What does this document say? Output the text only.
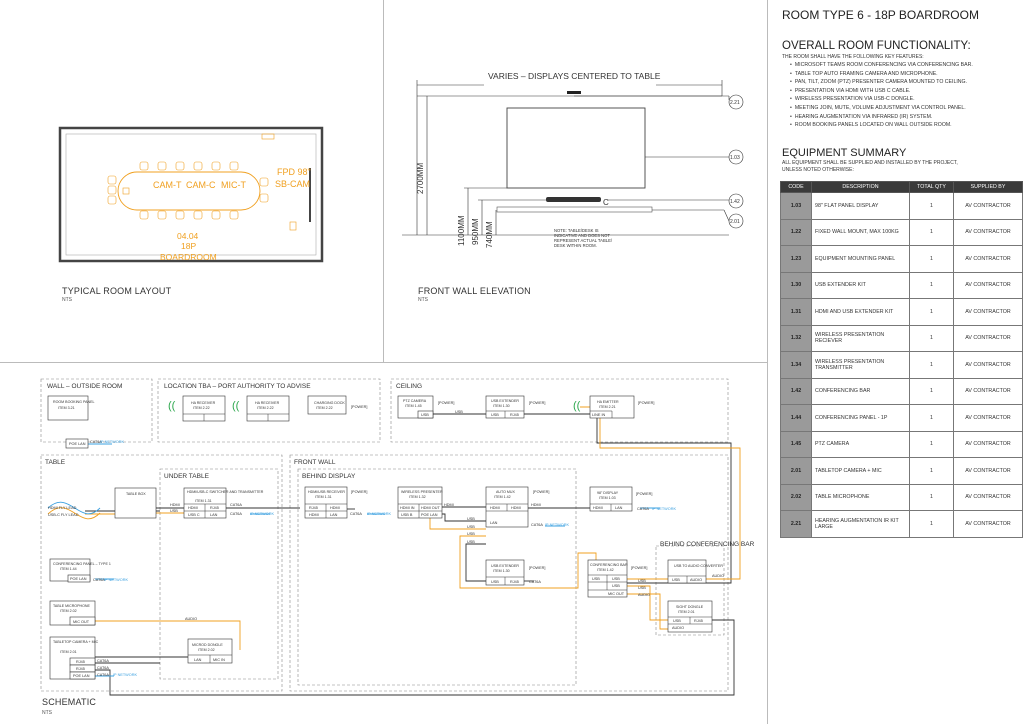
CAM-T CAM-C MIC-T
FPD 98"
SB-CAM
04.04
18P
BOARDROOM
TYPICAL ROOM LAYOUT
NTS
C
2.21
1.03
1.42
2.01
VARIES – DISPLAYS CENTERED TO TABLE
2700MM
1100MM 950MM 740MM	NOTE: TABLE/DESK IS
INDICATIVE AND DOES NOT
REPRESENT ACTUAL TABLE/
DESK WITHIN ROOM.
FRONT WALL ELEVATION
NTS
WALL – OUTSIDE ROOM	LOCATION TBA – PORT AUTHORITY TO ADVISE	CEILING
TABLE
UNDER TABLE
FRONT WALL
BEHIND DISPLAY
BEHIND CONFERENCING BAR
ROOM BOOKING PANEL
ITEM 3.21
POE LAN CAT6A
IP NETWORK
((	HA RECEIVER
ITEM 2.22 ((	HA RECEIVER
ITEM 2.22
CHARGING DOCK
ITEM 2.22	[POWER]
PTZ CAMERA
ITEM 1.45
[POWER]
USB
USB
USB EXTENDER
ITEM 1.30
[POWER]
USB	RJ45
((	HA EMITTER
ITEM 2.21
[POWER]
LINE IN
HDMI FLY LEAD
USB-C FLY LEAD
TABLE BOX
HDMI
USB
HDMI/USB-C SWITCHER AND TRANSMITTER
ITEM 1.31
HDMI	RJ45
USB C	LAN
CAT6A
CAT6A IP NETWORK
CONFERENCING PANEL – TYPE 1
ITEM 1.44
POE LAN CAT6A IP NETWORK
TABLE MICROPHONE
ITEM 2.02
MIC OUT
AUDIO
TABLETOP CAMERA + MIC
ITEM 2.01
RJ45
RJ45
POE LAN
CAT6A
CAT6A
CAT6A IP NETWORK
MICROD DONGLE
ITEM 2.02
LAN	MIC IN
HDMI/USB RECEIVER
ITEM 1.31
RJ45	HDMI
HDMI	LAN
[POWER]
CAT6A IP NETWORK
WIRELESS PRESENTER
ITEM 1.32
HDMI IN HDMI OUT
USB B POE LAN
HDMI
USB
USB
USB
USB
AUTO MUX
ITEM 1.42
HDMI	HDMI
LAN
[POWER]
HDMI
CAT6A IP NETWORK
98" DISPLAY
ITEM 1.03
HDMI	LAN
[POWER]
CAT6A IP NETWORK
USB EXTENDER
ITEM 1.30
USB	RJ45
[POWER]
CAT6A
CONFERENCING BAR
ITEM 1.42
USB	USB
USB
MIC OUT
[POWER]
USB
USB
AUDIO
USB TO AUDIO CONVERTER
USB	AUDIO
AUDIO
SIGHT DONGLE
ITEM 2.01
USB	RJ45
AUDIO
SCHEMATIC
NTS
ROOM TYPE 6 - 18P BOARDROOM
OVERALL ROOM FUNCTIONALITY:
THE ROOM SHALL HAVE THE FOLLOWING KEY FEATURES:
• MICROSOFT TEAMS ROOM CONFERENCING VIA CONFERENCING BAR.
• TABLE TOP AUTO FRAMING CAMERA AND MICROPHONE.
• PAN, TILT, ZOOM (PTZ) PRESENTER CAMERA MOUNTED TO CEILING.
• PRESENTATION VIA HDMI WITH USB C CABLE.
• WIRELESS PRESENTATION VIA USB-C DONGLE.
• MEETING JOIN, MUTE, VOLUME ADJUSTMENT VIA CONTROL PANEL.
• HEARING AUGMENTATION VIA INFRARED (IR) SYSTEM.
• ROOM BOOKING PANELS LOCATED ON WALL OUTSIDE ROOM.
EQUIPMENT SUMMARY
ALL EQUIPMENT SHALL BE SUPPLIED AND INSTALLED BY THE PROJECT, UNLESS NOTED OTHERWISE:
CODE	DESCRIPTION	TOTAL QTY	SUPPLIED BY
1.03	98" FLAT PANEL DISPLAY	1	AV CONTRACTOR
1.22	FIXED WALL MOUNT, MAX 100KG	1	AV CONTRACTOR
1.23	EQUIPMENT MOUNTING PANEL	1	AV CONTRACTOR
1.30	USB EXTENDER KIT	1	AV CONTRACTOR
1.31	HDMI AND USB EXTENDER KIT	1	AV CONTRACTOR
1.32	WIRELESS PRESENTATION RECIEVER	1	AV CONTRACTOR
1.34	WIRELESS PRESENTATION TRANSMITTER	1	AV CONTRACTOR
1.42	CONFERENCING BAR	1	AV CONTRACTOR
1.44	CONFERENCING PANEL - 1P	1	AV CONTRACTOR
1.45	PTZ CAMERA	1	AV CONTRACTOR
2.01	TABLETOP CAMERA + MIC	1	AV CONTRACTOR
2.02	TABLE MICROPHONE	1	AV CONTRACTOR
2.21	HEARING AUGMENTATION IR KIT LARGE	1	AV CONTRACTOR
